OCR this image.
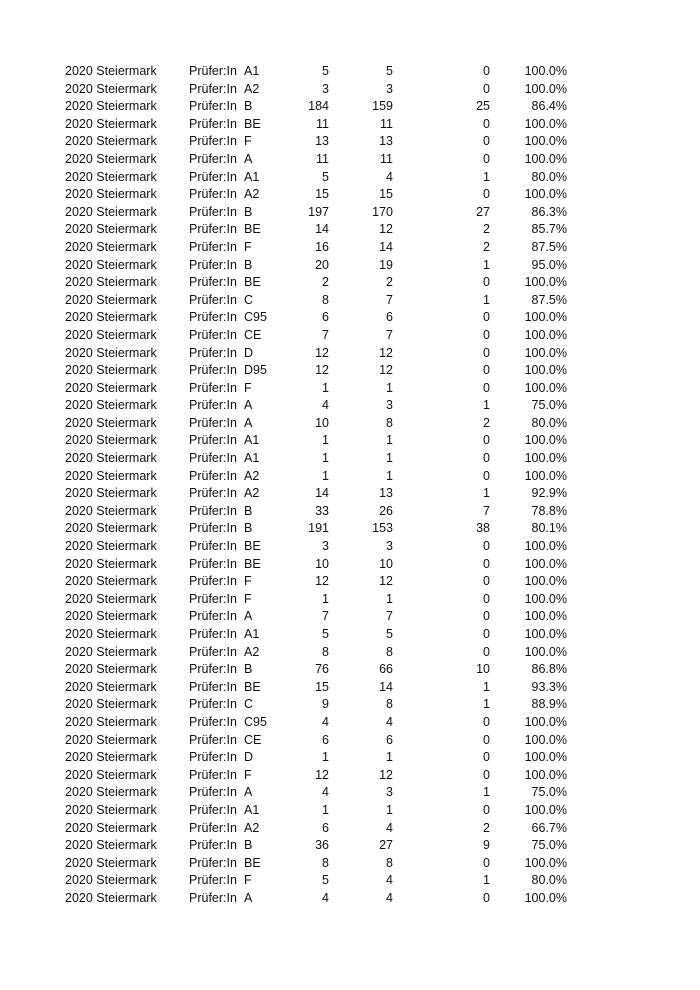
2020 Steiermark	Prüfer:In A1	5	5	0	100.0%
2020 Steiermark	Prüfer:In A2	3	3	0	100.0%
2020 Steiermark	Prüfer:In B	184	159	25	86.4%
2020 Steiermark	Prüfer:In BE	11	11	0	100.0%
2020 Steiermark	Prüfer:In F	13	13	0	100.0%
2020 Steiermark	Prüfer:In A	11	11	0	100.0%
2020 Steiermark	Prüfer:In A1	5	4	1	80.0%
2020 Steiermark	Prüfer:In A2	15	15	0	100.0%
2020 Steiermark	Prüfer:In B	197	170	27	86.3%
2020 Steiermark	Prüfer:In BE	14	12	2	85.7%
2020 Steiermark	Prüfer:In F	16	14	2	87.5%
2020 Steiermark	Prüfer:In B	20	19	1	95.0%
2020 Steiermark	Prüfer:In BE	2	2	0	100.0%
2020 Steiermark	Prüfer:In C	8	7	1	87.5%
2020 Steiermark	Prüfer:In C95	6	6	0	100.0%
2020 Steiermark	Prüfer:In CE	7	7	0	100.0%
2020 Steiermark	Prüfer:In D	12	12	0	100.0%
2020 Steiermark	Prüfer:In D95	12	12	0	100.0%
2020 Steiermark	Prüfer:In F	1	1	0	100.0%
2020 Steiermark	Prüfer:In A	4	3	1	75.0%
2020 Steiermark	Prüfer:In A	10	8	2	80.0%
2020 Steiermark	Prüfer:In A1	1	1	0	100.0%
2020 Steiermark	Prüfer:In A1	1	1	0	100.0%
2020 Steiermark	Prüfer:In A2	1	1	0	100.0%
2020 Steiermark	Prüfer:In A2	14	13	1	92.9%
2020 Steiermark	Prüfer:In B	33	26	7	78.8%
2020 Steiermark	Prüfer:In B	191	153	38	80.1%
2020 Steiermark	Prüfer:In BE	3	3	0	100.0%
2020 Steiermark	Prüfer:In BE	10	10	0	100.0%
2020 Steiermark	Prüfer:In F	12	12	0	100.0%
2020 Steiermark	Prüfer:In F	1	1	0	100.0%
2020 Steiermark	Prüfer:In A	7	7	0	100.0%
2020 Steiermark	Prüfer:In A1	5	5	0	100.0%
2020 Steiermark	Prüfer:In A2	8	8	0	100.0%
2020 Steiermark	Prüfer:In B	76	66	10	86.8%
2020 Steiermark	Prüfer:In BE	15	14	1	93.3%
2020 Steiermark	Prüfer:In C	9	8	1	88.9%
2020 Steiermark	Prüfer:In C95	4	4	0	100.0%
2020 Steiermark	Prüfer:In CE	6	6	0	100.0%
2020 Steiermark	Prüfer:In D	1	1	0	100.0%
2020 Steiermark	Prüfer:In F	12	12	0	100.0%
2020 Steiermark	Prüfer:In A	4	3	1	75.0%
2020 Steiermark	Prüfer:In A1	1	1	0	100.0%
2020 Steiermark	Prüfer:In A2	6	4	2	66.7%
2020 Steiermark	Prüfer:In B	36	27	9	75.0%
2020 Steiermark	Prüfer:In BE	8	8	0	100.0%
2020 Steiermark	Prüfer:In F	5	4	1	80.0%
2020 Steiermark	Prüfer:In A	4	4	0	100.0%
